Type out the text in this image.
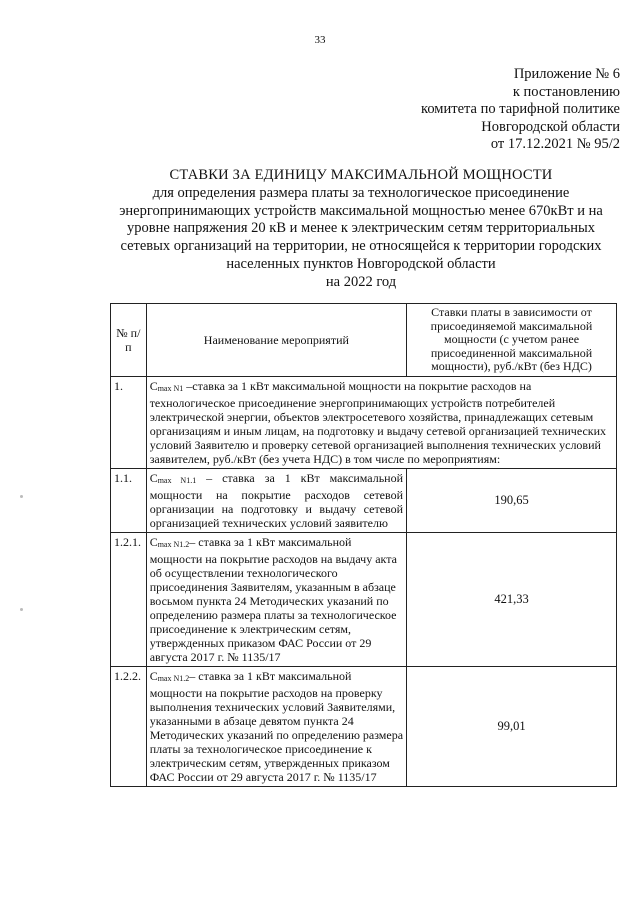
33
Приложение № 6
к постановлению
комитета по тарифной политике
Новгородской области
от 17.12.2021 № 95/2
СТАВКИ ЗА ЕДИНИЦУ МАКСИМАЛЬНОЙ МОЩНОСТИ
для определения размера платы за технологическое присоединение
энергопринимающих устройств максимальной мощностью менее 670кВт и на
уровне напряжения 20 кВ и менее к электрическим сетям территориальных
сетевых организаций на территории, не относящейся к территории городских
населенных пунктов Новгородской области
на 2022 год
№ п/п	Наименование мероприятий	Ставки платы в зависимости от присоединяемой максимальной мощности (с учетом ранее присоединенной максимальной мощности), руб./кВт (без НДС)
1.	$С_{max N1}$ –ставка за 1 кВт максимальной мощности на покрытие расходов на технологическое присоединение энергопринимающих устройств потребителей электрической энергии, объектов электросетевого хозяйства, принадлежащих сетевым организациям и иным лицам, на подготовку и выдачу сетевой организацией технических условий Заявителю и проверку сетевой организацией выполнения технических условий заявителем, руб./кВт (без учета НДС) в том числе по мероприятиям:	
1.1.	$С_{max N1.1}$ – ставка за 1 кВт максимальной мощности на покрытие расходов сетевой организации на подготовку и выдачу сетевой организацией технических условий заявителю	190,65
1.2.1.	$С_{max N1.2}-$ ставка за 1 кВт максимальной мощности на покрытие расходов на выдачу акта об осуществлении технологического присоединения Заявителям, указанным в абзаце восьмом пункта 24 Методических указаний по определению размера платы за технологическое присоединение к электрическим сетям, утвержденных приказом ФАС России от 29 августа 2017 г. № 1135/17	421,33
1.2.2.	$С_{max N1.2}-$ ставка за 1 кВт максимальной мощности на покрытие расходов на проверку выполнения технических условий Заявителями, указанными в абзаце девятом пункта 24 Методических указаний по определению размера платы за технологическое присоединение к электрическим сетям, утвержденных приказом ФАС России от 29 августа 2017 г. № 1135/17	99,01
